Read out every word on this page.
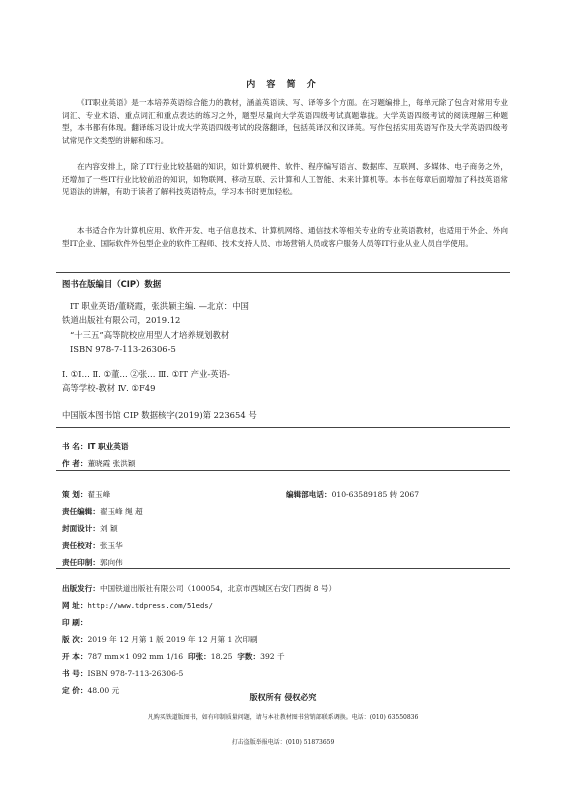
内 容 简 介

《IT职业英语》是一本培养英语综合能力的教材，涵盖英语读、写、译等多个方面。在习题编排上，每单元除了包含对常用专业词汇、专业术语、重点词汇和重点表达的练习之外，题型尽量向大学英语四级考试真题靠拢。大学英语四级考试的阅读理解三种题型，本书都有体现。翻译练习设计成大学英语四级考试的段落翻译，包括英译汉和汉译英。写作包括实用英语写作及大学英语四级考试常见作文类型的讲解和练习。

在内容安排上，除了IT行业比较基础的知识，如计算机硬件、软件、程序编写语言、数据库、互联网、多媒体、电子商务之外，还增加了一些IT行业比较前沿的知识，如物联网、移动互联、云计算和人工智能、未来计算机等。本书在每章后面增加了科技英语常见语法的讲解，有助于读者了解科技英语特点，学习本书时更加轻松。

本书适合作为计算机应用、软件开发、电子信息技术、计算机网络、通信技术等相关专业的专业英语教材，也适用于外企、外向型IT企业、国际软件外包型企业的软件工程师、技术支持人员、市场营销人员或客户服务人员等IT行业从业人员自学使用。

图书在版编目（CIP）数据
IT 职业英语/董晓霞，张洪颖主编. —北京：中国
铁道出版社有限公司，2019.12
“十三五”高等院校应用型人才培养规划教材
ISBN 978-7-113-26306-5
Ⅰ. ①I… Ⅱ. ①董… ②张… Ⅲ. ①IT 产业-英语-
高等学校-教材 Ⅳ. ①F49
中国版本图书馆 CIP 数据核字(2019)第 223654 号
书 名：IT 职业英语
作 者：董晓霞 张洪颖
策 划：翟玉峰	编辑部电话：010-63589185 转 2067
责任编辑：翟玉峰 绳 超
封面设计：刘 颖
责任校对：张玉华
责任印制：郭向伟
出版发行：中国铁道出版社有限公司（100054，北京市西城区右安门西街 8 号）
网 址：http://www.tdpress.com/51eds/
印 刷：
版 次：2019 年 12 月第 1 版 2019 年 12 月第 1 次印刷
开 本：787 mm×1 092 mm 1/16 印张：18.25 字数：392 千
书 号：ISBN 978-7-113-26306-5
定 价：48.00 元
版权所有 侵权必究
凡购买铁道版图书，如有印制质量问题，请与本社教材图书营销部联系调换。电话：(010) 63550836
打击盗版举报电话：(010) 51873659
